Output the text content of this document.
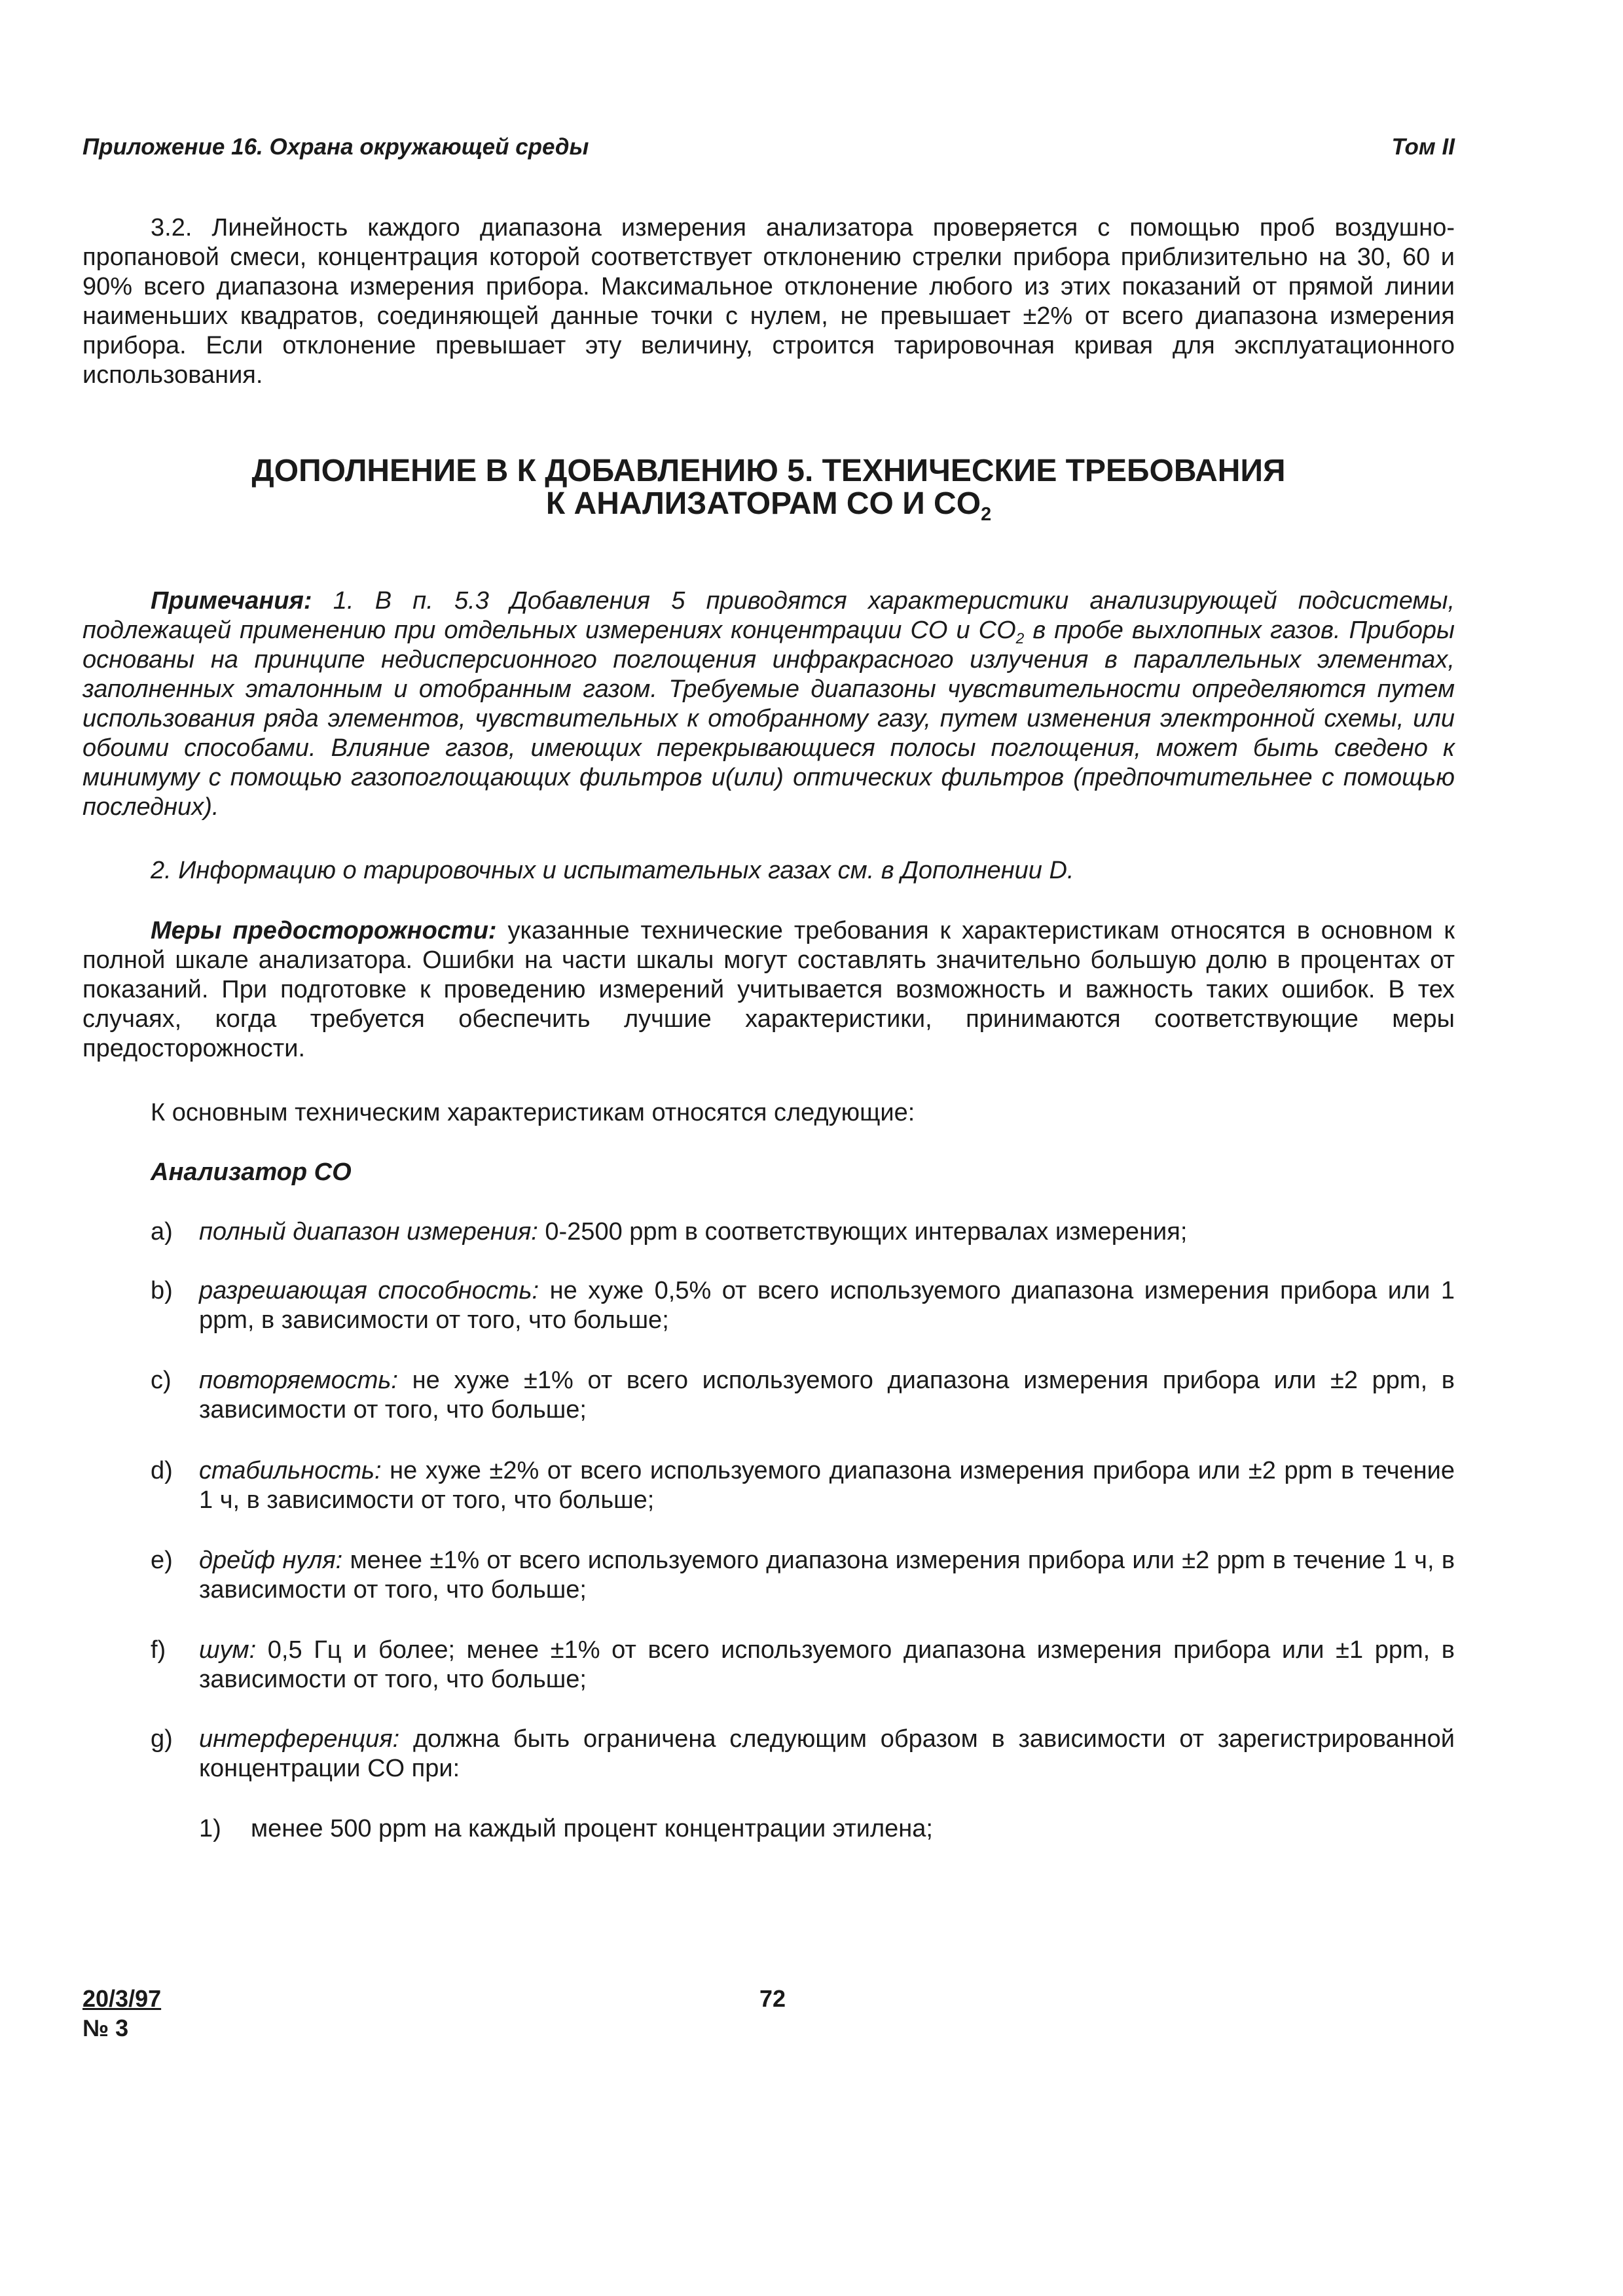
Приложение 16. Охрана окружающей среды	Том II
3.2. Линейность каждого диапазона измерения анализатора проверяется с помощью проб воздушно-пропановой смеси, концентрация которой соответствует отклонению стрелки прибора приблизительно на 30, 60 и 90% всего диапазона измерения прибора. Максимальное отклонение любого из этих показаний от прямой линии наименьших квадратов, соединяющей данные точки с нулем, не превышает ±2% от всего диапазона измерения прибора. Если отклонение превышает эту величину, строится тарировочная кривая для эксплуатационного использования.
ДОПОЛНЕНИЕ В К ДОБАВЛЕНИЮ 5. ТЕХНИЧЕСКИЕ ТРЕБОВАНИЯ
К АНАЛИЗАТОРАМ CO И $CO_2$
Примечания: 1. В п. 5.3 Добавления 5 приводятся характеристики анализирующей подсистемы, подлежащей применению при отдельных измерениях концентрации CO и $CO_2$ в пробе выхлопных газов. Приборы основаны на принципе недисперсионного поглощения инфракрасного излучения в параллельных элементах, заполненных эталонным и отобранным газом. Требуемые диапазоны чувствительности определяются путем использования ряда элементов, чувствительных к отобранному газу, путем изменения электронной схемы, или обоими способами. Влияние газов, имеющих перекрывающиеся полосы поглощения, может быть сведено к минимуму с помощью газопоглощающих фильтров и(или) оптических фильтров (предпочтительнее с помощью последних).
2. Информацию о тарировочных и испытательных газах см. в Дополнении D.
Меры предосторожности: указанные технические требования к характеристикам относятся в основном к полной шкале анализатора. Ошибки на части шкалы могут составлять значительно большую долю в процентах от показаний. При подготовке к проведению измерений учитывается возможность и важность таких ошибок. В тех случаях, когда требуется обеспечить лучшие характеристики, принимаются соответствующие меры предосторожности.
К основным техническим характеристикам относятся следующие:
Анализатор CO
a) полный диапазон измерения: 0-2500 ppm в соответствующих интервалах измерения;
b) разрешающая способность: не хуже 0,5% от всего используемого диапазона измерения прибора или 1 ppm, в зависимости от того, что больше;
c) повторяемость: не хуже ±1% от всего используемого диапазона измерения прибора или ±2 ppm, в зависимости от того, что больше;
d) стабильность: не хуже ±2% от всего используемого диапазона измерения прибора или ±2 ppm в течение 1 ч, в зависимости от того, что больше;
e) дрейф нуля: менее ±1% от всего используемого диапазона измерения прибора или ±2 ppm в течение 1 ч, в зависимости от того, что больше;
f) шум: 0,5 Гц и более; менее ±1% от всего используемого диапазона измерения прибора или ±1 ppm, в зависимости от того, что больше;
g) интерференция: должна быть ограничена следующим образом в зависимости от зарегистрированной концентрации CO при:
1) менее 500 ppm на каждый процент концентрации этилена;
20/3/97
№ 3
72
